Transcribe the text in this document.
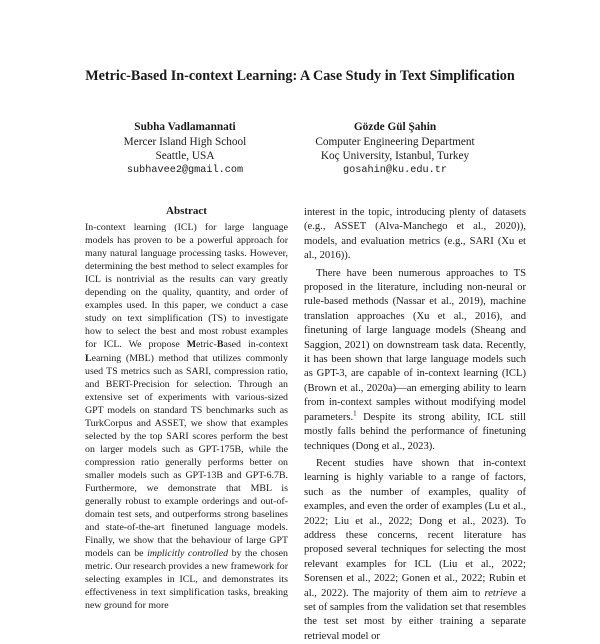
Metric-Based In-context Learning: A Case Study in Text Simplification
Subha Vadlamannati
Mercer Island High School
Seattle, USA
subhavee2@gmail.com
Gözde Gül Şahin
Computer Engineering Department
Koç University, Istanbul, Turkey
gosahin@ku.edu.tr
Abstract

In-context learning (ICL) for large language models has proven to be a powerful approach for many natural language processing tasks. However, determining the best method to select examples for ICL is nontrivial as the results can vary greatly depending on the quality, quantity, and order of examples used. In this paper, we conduct a case study on text simplification (TS) to investigate how to select the best and most robust examples for ICL. We propose Metric-Based in-context Learning (MBL) method that utilizes commonly used TS metrics such as SARI, compression ratio, and BERT-Precision for selection. Through an extensive set of experiments with various-sized GPT models on standard TS benchmarks such as TurkCorpus and ASSET, we show that examples selected by the top SARI scores perform the best on larger models such as GPT-175B, while the compression ratio generally performs better on smaller models such as GPT-13B and GPT-6.7B. Furthermore, we demonstrate that MBL is generally robust to example orderings and out-of-domain test sets, and outperforms strong baselines and state-of-the-art finetuned language models. Finally, we show that the behaviour of large GPT models can be implicitly controlled by the chosen metric. Our research provides a new framework for selecting examples in ICL, and demonstrates its effectiveness in text simplification tasks, breaking new ground for more

interest in the topic, introducing plenty of datasets (e.g., ASSET (Alva-Manchego et al., 2020)), models, and evaluation metrics (e.g., SARI (Xu et al., 2016)).

There have been numerous approaches to TS proposed in the literature, including non-neural or rule-based methods (Nassar et al., 2019), machine translation approaches (Xu et al., 2016), and finetuning of large language models (Sheang and Saggion, 2021) on downstream task data. Recently, it has been shown that large language models such as GPT-3, are capable of in-context learning (ICL) (Brown et al., 2020a)—an emerging ability to learn from in-context samples without modifying model parameters.$^1$ Despite its strong ability, ICL still mostly falls behind the performance of finetuning techniques (Dong et al., 2023).

Recent studies have shown that in-context learning is highly variable to a range of factors, such as the number of examples, quality of examples, and even the order of examples (Lu et al., 2022; Liu et al., 2022; Dong et al., 2023). To address these concerns, recent literature has proposed several techniques for selecting the most relevant examples for ICL (Liu et al., 2022; Sorensen et al., 2022; Gonen et al., 2022; Rubin et al., 2022). The majority of them aim to retrieve a set of samples from the validation set that resembles the test set most by either training a separate retrieval model or
